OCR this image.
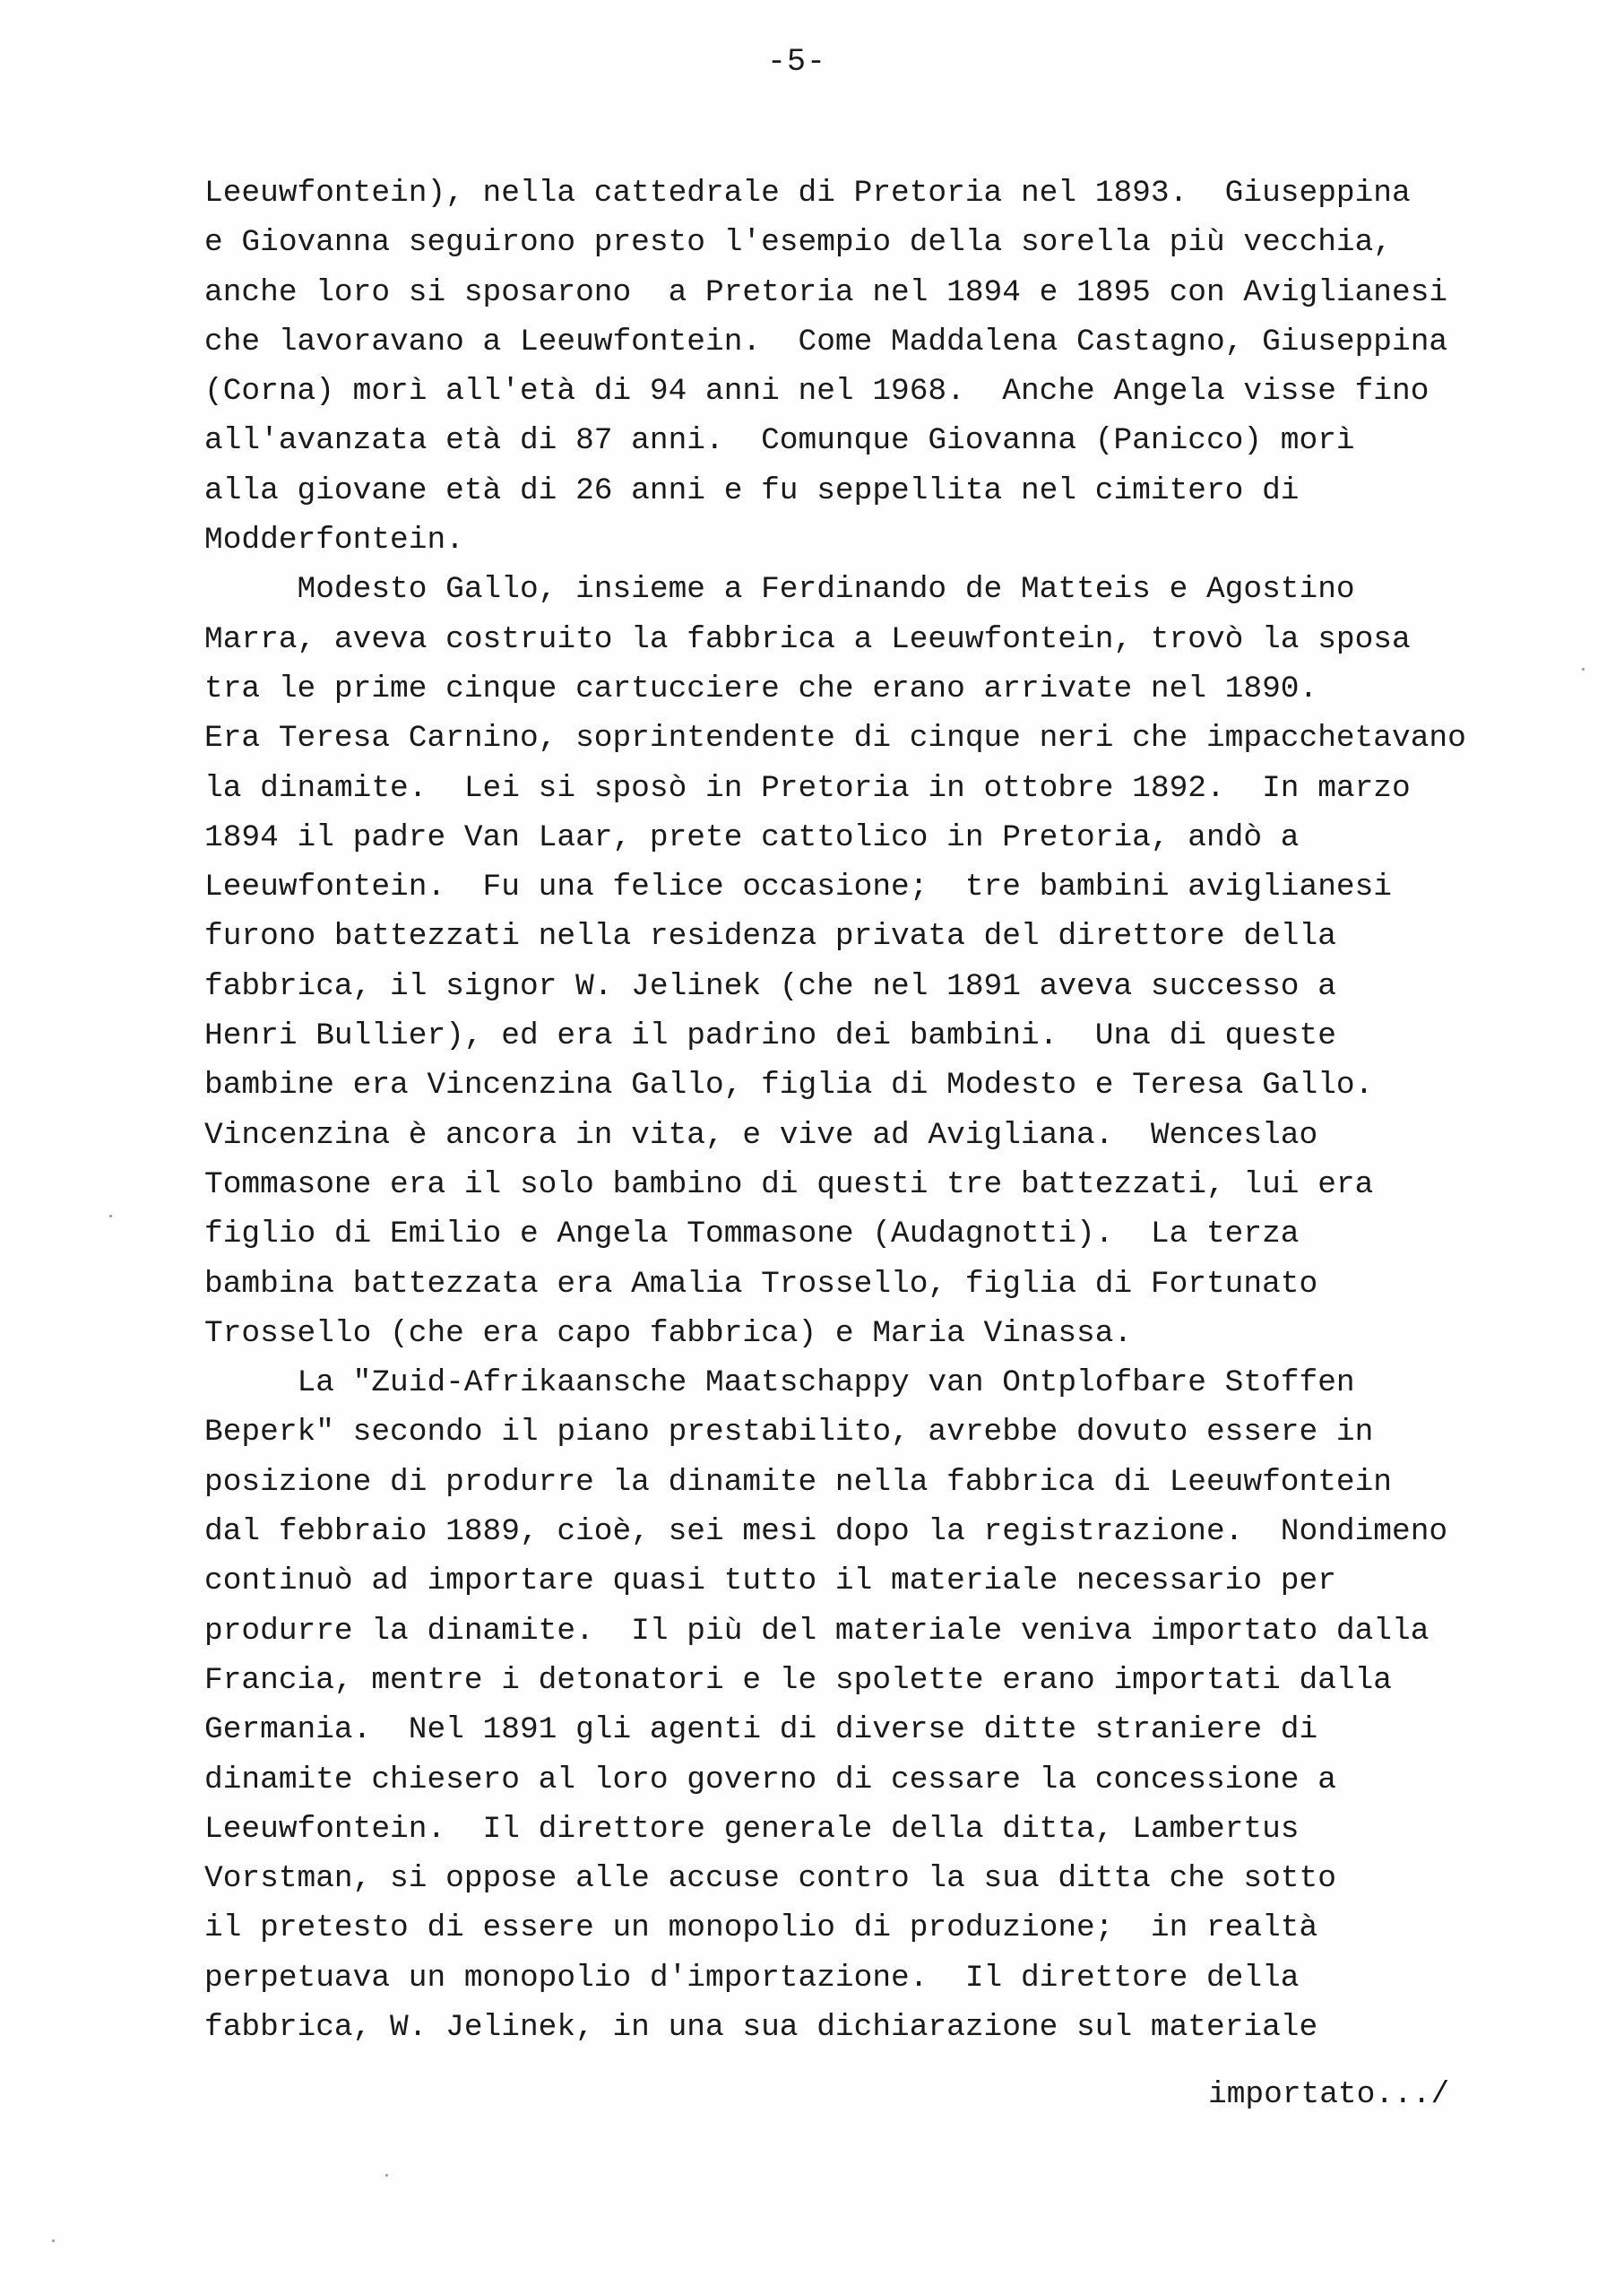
-5-
Leeuwfontein), nella cattedrale di Pretoria nel 1893.  Giuseppina
e Giovanna seguirono presto l'esempio della sorella più vecchia,
anche loro si sposarono  a Pretoria nel 1894 e 1895 con Aviglianesi
che lavoravano a Leeuwfontein.  Come Maddalena Castagno, Giuseppina
(Corna) morì all'età di 94 anni nel 1968.  Anche Angela visse fino
all'avanzata età di 87 anni.  Comunque Giovanna (Panicco) morì
alla giovane età di 26 anni e fu seppellita nel cimitero di
Modderfontein.
Modesto Gallo, insieme a Ferdinando de Matteis e Agostino
Marra, aveva costruito la fabbrica a Leeuwfontein, trovò la sposa
tra le prime cinque cartucciere che erano arrivate nel 1890.
Era Teresa Carnino, soprintendente di cinque neri che impacchetavano
la dinamite.  Lei si sposò in Pretoria in ottobre 1892.  In marzo
1894 il padre Van Laar, prete cattolico in Pretoria, andò a
Leeuwfontein.  Fu una felice occasione;  tre bambini aviglianesi
furono battezzati nella residenza privata del direttore della
fabbrica, il signor W. Jelinek (che nel 1891 aveva successo a
Henri Bullier), ed era il padrino dei bambini.  Una di queste
bambine era Vincenzina Gallo, figlia di Modesto e Teresa Gallo.
Vincenzina è ancora in vita, e vive ad Avigliana.  Wenceslao
Tommasone era il solo bambino di questi tre battezzati, lui era
figlio di Emilio e Angela Tommasone (Audagnotti).  La terza
bambina battezzata era Amalia Trossello, figlia di Fortunato
Trossello (che era capo fabbrica) e Maria Vinassa.
La "Zuid-Afrikaansche Maatschappy van Ontplofbare Stoffen
Beperk" secondo il piano prestabilito, avrebbe dovuto essere in
posizione di produrre la dinamite nella fabbrica di Leeuwfontein
dal febbraio 1889, cioè, sei mesi dopo la registrazione.  Nondimeno
continuò ad importare quasi tutto il materiale necessario per
produrre la dinamite.  Il più del materiale veniva importato dalla
Francia, mentre i detonatori e le spolette erano importati dalla
Germania.  Nel 1891 gli agenti di diverse ditte straniere di
dinamite chiesero al loro governo di cessare la concessione a
Leeuwfontein.  Il direttore generale della ditta, Lambertus
Vorstman, si oppose alle accuse contro la sua ditta che sotto
il pretesto di essere un monopolio di produzione;  in realtà
perpetuava un monopolio d'importazione.  Il direttore della
fabbrica, W. Jelinek, in una sua dichiarazione sul materiale
importato.../
